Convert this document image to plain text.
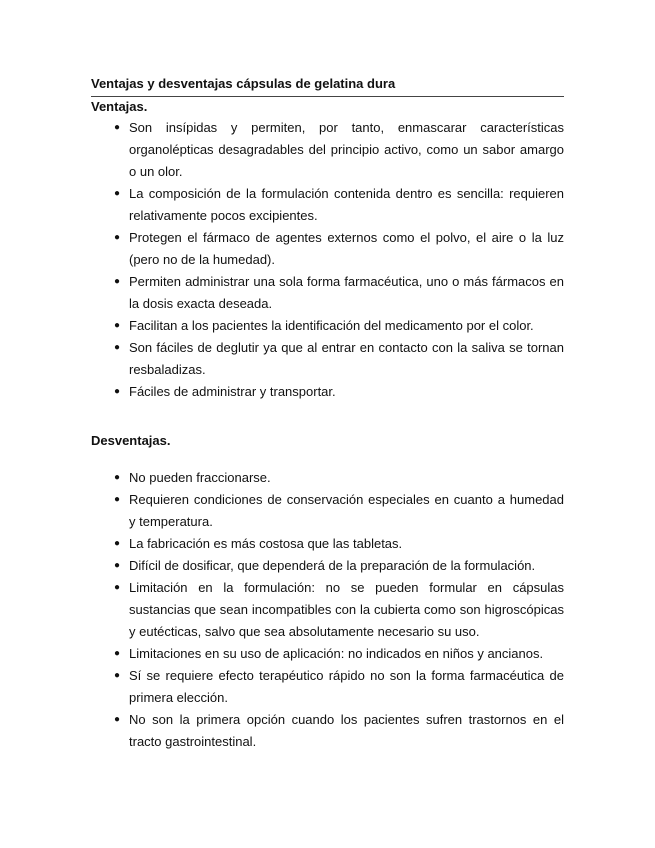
Ventajas y desventajas cápsulas de gelatina dura

Ventajas.

● Son insípidas y permiten, por tanto, enmascarar características organolépticas desagradables del principio activo, como un sabor amargo o un olor.
● La composición de la formulación contenida dentro es sencilla: requieren relativamente pocos excipientes.
● Protegen el fármaco de agentes externos como el polvo, el aire o la luz (pero no de la humedad).
● Permiten administrar una sola forma farmacéutica, uno o más fármacos en la dosis exacta deseada.
● Facilitan a los pacientes la identificación del medicamento por el color.
● Son fáciles de deglutir ya que al entrar en contacto con la saliva se tornan resbaladizas.
● Fáciles de administrar y transportar.

Desventajas.

● No pueden fraccionarse.
● Requieren condiciones de conservación especiales en cuanto a humedad y temperatura.
● La fabricación es más costosa que las tabletas.
● Difícil de dosificar, que dependerá de la preparación de la formulación.
● Limitación en la formulación: no se pueden formular en cápsulas sustancias que sean incompatibles con la cubierta como son higroscópicas y eutécticas, salvo que sea absolutamente necesario su uso.
● Limitaciones en su uso de aplicación: no indicados en niños y ancianos.
● Sí se requiere efecto terapéutico rápido no son la forma farmacéutica de primera elección.
● No son la primera opción cuando los pacientes sufren trastornos en el tracto gastrointestinal.
